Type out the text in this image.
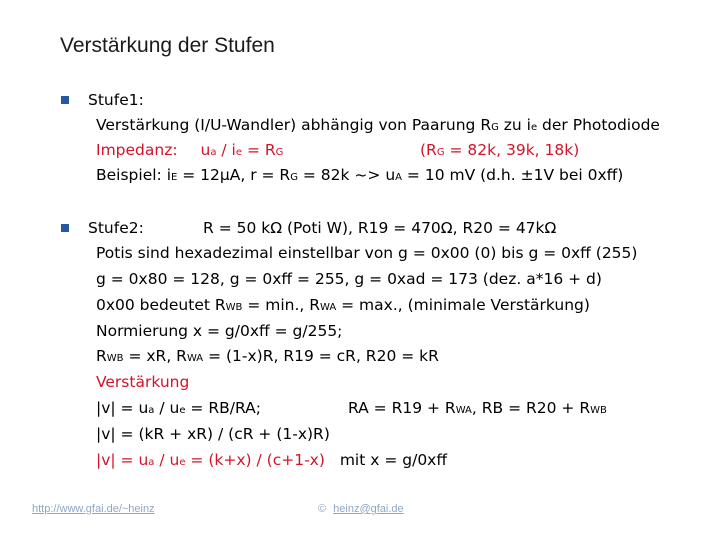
Verstärkung der Stufen
Stufe1:
Verstärkung (I/U-Wandler) abhängig von Paarung RG zu ie der Photodiode
Impedanz: ua / ie = RG	(RG = 82k, 39k, 18k)
Beispiel: iE = 12µA, r = RG = 82k ~> uA = 10 mV (d.h. ±1V bei 0xff)
Stufe2:	R = 50 kΩ (Poti W), R19 = 470Ω, R20 = 47kΩ
Potis sind hexadezimal einstellbar von g = 0x00 (0) bis g = 0xff (255)
g = 0x80 = 128, g = 0xff = 255, g = 0xad = 173 (dez. a*16 + d)
0x00 bedeutet RWB = min., RWA = max., (minimale Verstärkung)
Normierung x = g/0xff = g/255;
RWB = xR, RWA = (1-x)R, R19 = cR, R20 = kR
Verstärkung
|v| = ua / ue = RB/RA;	RA = R19 + RWA, RB = R20 + RWB
|v| = (kR + xR) / (cR + (1-x)R)
|v| = ua / ue = (k+x) / (c+1-x) mit x = g/0xff
http://www.gfai.de/~heinz	© heinz@gfai.de
